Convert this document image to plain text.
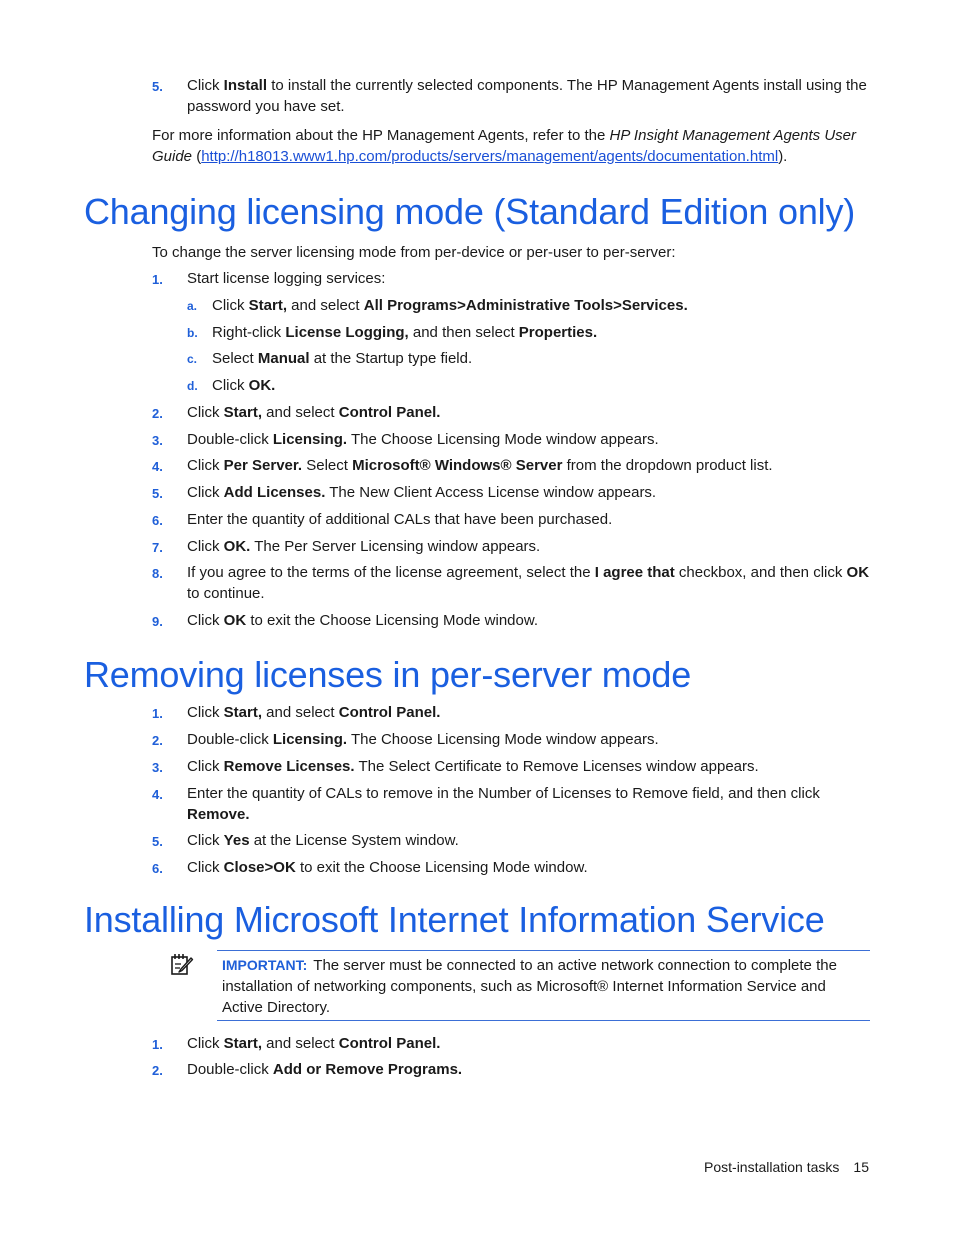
5.	Click Install to install the currently selected components. The HP Management Agents install using the password you have set.
For more information about the HP Management Agents, refer to the HP Insight Management Agents User Guide (http://h18013.www1.hp.com/products/servers/management/agents/documentation.html).
Changing licensing mode (Standard Edition only)
To change the server licensing mode from per-device or per-user to per-server:
1.	Start license logging services:
Removing licenses in per-server mode
Installing Microsoft Internet Information Service
IMPORTANT: The server must be connected to an active network connection to complete the installation of networking components, such as Microsoft® Internet Information Service and Active Directory.
Post-installation tasks 15
a. Click Start, and select All Programs>Administrative Tools>Services.
b. Right-click License Logging, and then select Properties.
c. Select Manual at the Startup type field.
d. Click OK.
2.	Click Start, and select Control Panel.
3.	Double-click Licensing. The Choose Licensing Mode window appears.
4.	Click Per Server. Select Microsoft® Windows® Server from the dropdown product list.
5.	Click Add Licenses. The New Client Access License window appears.
6.	Enter the quantity of additional CALs that have been purchased.
7.	Click OK. The Per Server Licensing window appears.
8.	If you agree to the terms of the license agreement, select the I agree that checkbox, and then click OK to continue.
9.	Click OK to exit the Choose Licensing Mode window.
1.	Click Start, and select Control Panel.
2.	Double-click Licensing. The Choose Licensing Mode window appears.
3.	Click Remove Licenses. The Select Certificate to Remove Licenses window appears.
4.	Enter the quantity of CALs to remove in the Number of Licenses to Remove field, and then click Remove.
5.	Click Yes at the License System window.
6.	Click Close>OK to exit the Choose Licensing Mode window.
1.	Click Start, and select Control Panel.
2.	Double-click Add or Remove Programs.
